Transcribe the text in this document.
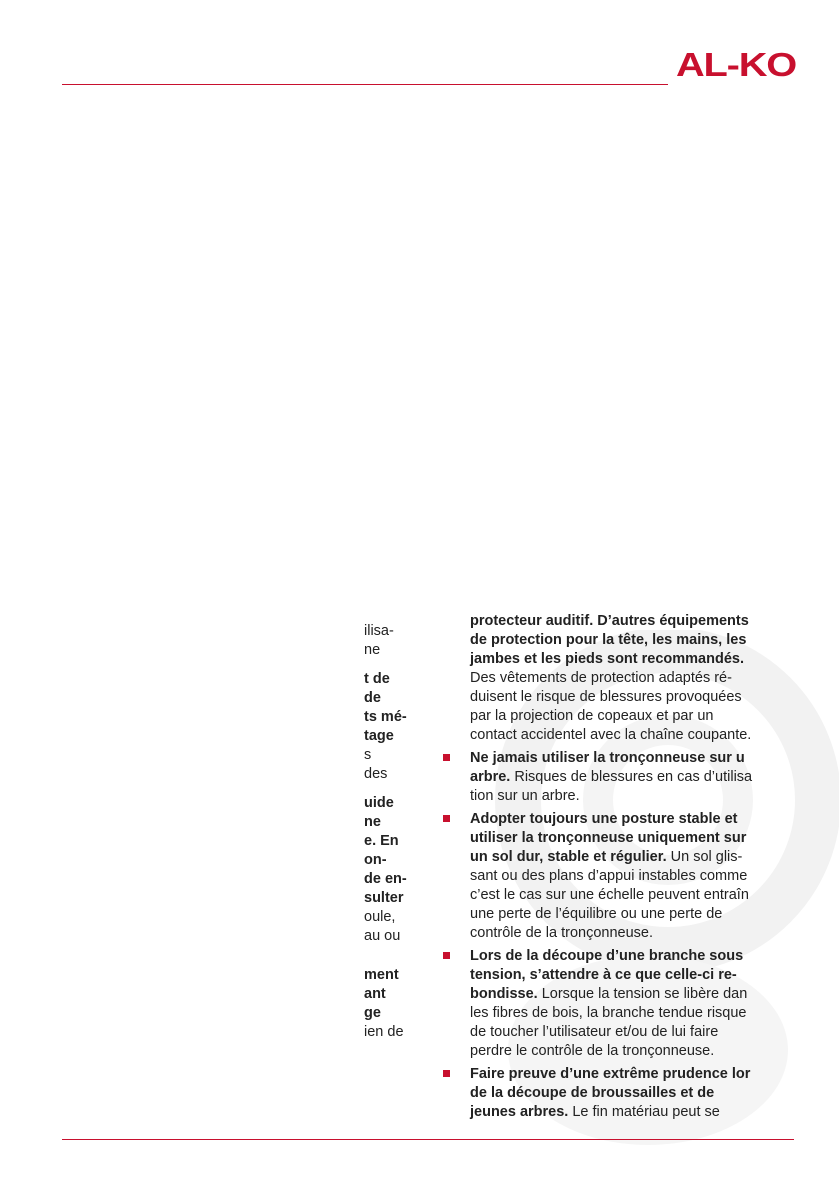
AL-KO
ilisa-
ne
t de
de
ts mé-
tage
s
des
uide
ne
e. En
on-
de en-
sulter
oule,
au ou
ment
ant
ge
ien de
protecteur auditif. D’autres équipements
de protection pour la tête, les mains, les
jambes et les pieds sont recommandés.
Des vêtements de protection adaptés ré-
duisent le risque de blessures provoquées
par la projection de copeaux et par un
contact accidentel avec la chaîne coupante.
Ne jamais utiliser la tronçonneuse sur u
arbre. Risques de blessures en cas d’utilisa
tion sur un arbre.
Adopter toujours une posture stable et
utiliser la tronçonneuse uniquement sur
un sol dur, stable et régulier. Un sol glis-
sant ou des plans d’appui instables comme
c’est le cas sur une échelle peuvent entraîn
une perte de l’équilibre ou une perte de
contrôle de la tronçonneuse.
Lors de la découpe d’une branche sous
tension, s’attendre à ce que celle-ci re-
bondisse. Lorsque la tension se libère dan
les fibres de bois, la branche tendue risque
de toucher l’utilisateur et/ou de lui faire
perdre le contrôle de la tronçonneuse.
Faire preuve d’une extrême prudence lor
de la découpe de broussailles et de
jeunes arbres. Le fin matériau peut se
